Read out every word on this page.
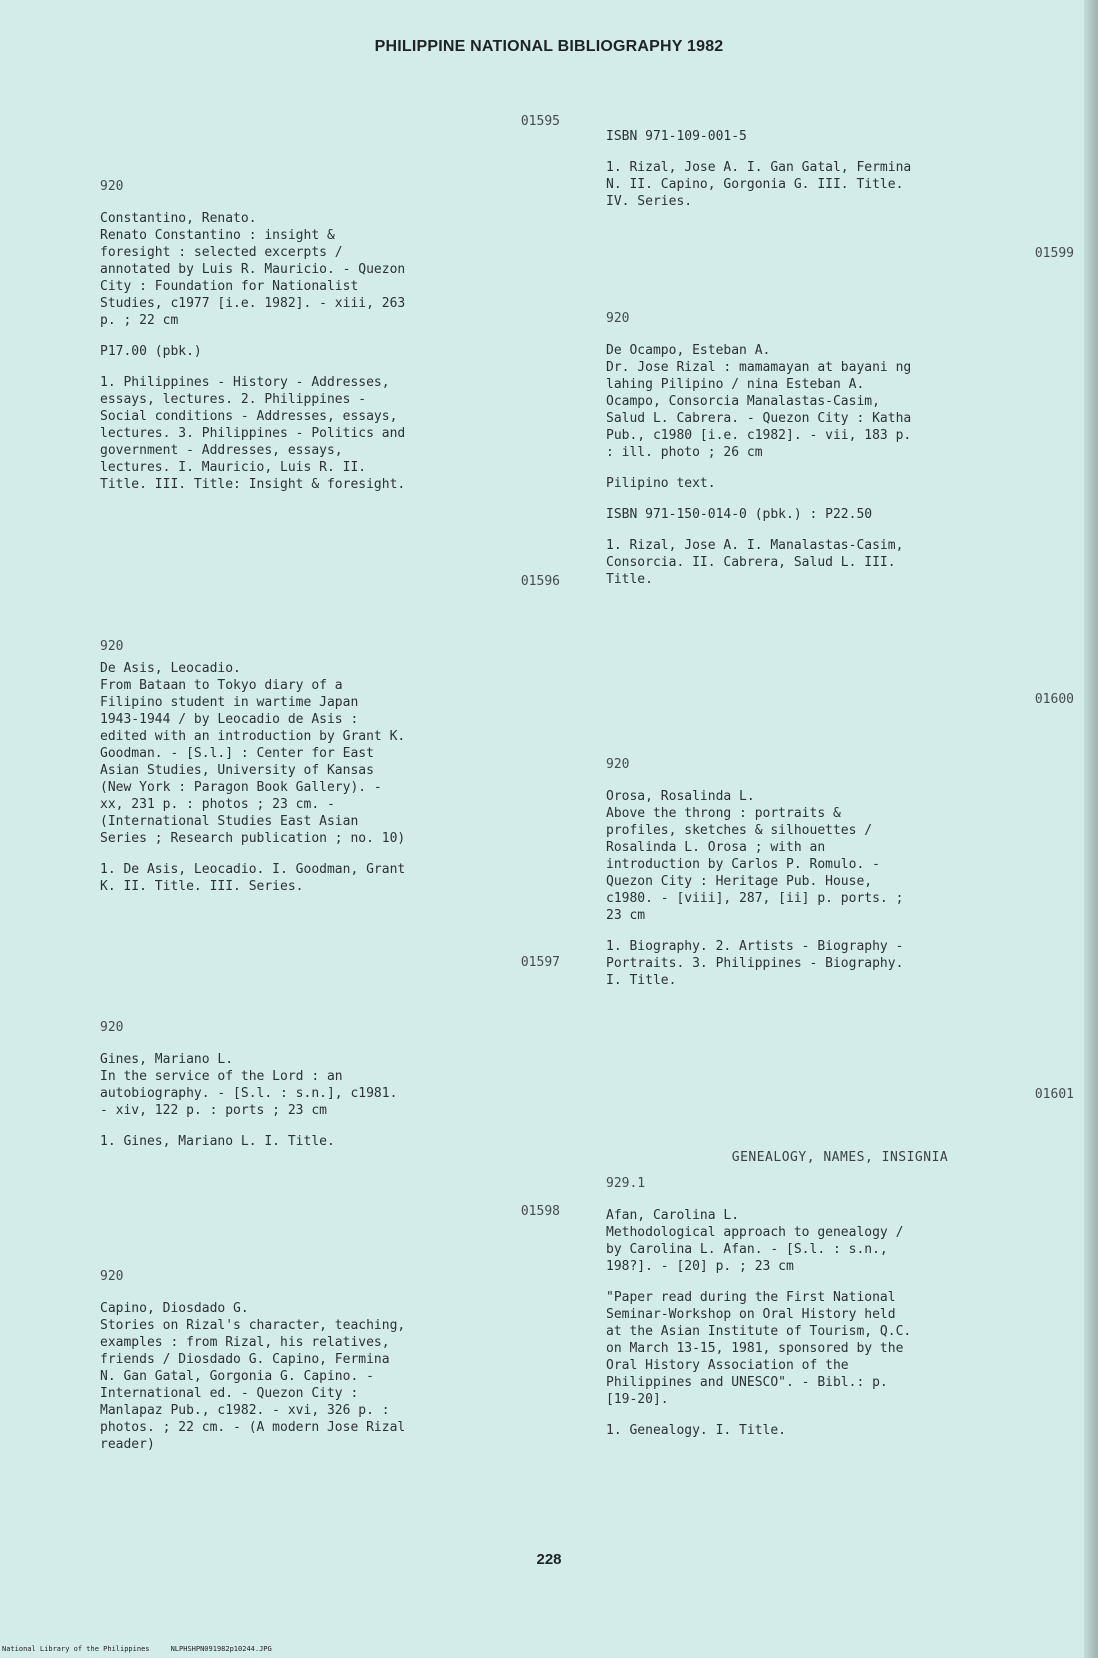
PHILIPPINE NATIONAL BIBLIOGRAPHY 1982

01595

920

Constantino, Renato.
Renato Constantino : insight &
foresight : selected excerpts /
annotated by Luis R. Mauricio. - Quezon
City : Foundation for Nationalist
Studies, c1977 [i.e. 1982]. - xiii, 263
p. ; 22 cm

P17.00 (pbk.)

1. Philippines - History - Addresses,
essays, lectures. 2. Philippines -
Social conditions - Addresses, essays,
lectures. 3. Philippines - Politics and
government - Addresses, essays,
lectures. I. Mauricio, Luis R. II.
Title. III. Title: Insight & foresight.

01596

920

De Asis, Leocadio.
From Bataan to Tokyo diary of a
Filipino student in wartime Japan
1943-1944 / by Leocadio de Asis :
edited with an introduction by Grant K.
Goodman. - [S.l.] : Center for East
Asian Studies, University of Kansas
(New York : Paragon Book Gallery). -
xx, 231 p. : photos ; 23 cm. -
(International Studies East Asian
Series ; Research publication ; no. 10)

1. De Asis, Leocadio. I. Goodman, Grant
K. II. Title. III. Series.

01597

920

Gines, Mariano L.
In the service of the Lord : an
autobiography. - [S.l. : s.n.], c1981.
- xiv, 122 p. : ports ; 23 cm

1. Gines, Mariano L. I. Title.

01598

920

Capino, Diosdado G.
Stories on Rizal's character, teaching,
examples : from Rizal, his relatives,
friends / Diosdado G. Capino, Fermina
N. Gan Gatal, Gorgonia G. Capino. -
International ed. - Quezon City :
Manlapaz Pub., c1982. - xvi, 326 p. :
photos. ; 22 cm. - (A modern Jose Rizal
reader)

ISBN 971-109-001-5

1. Rizal, Jose A. I. Gan Gatal, Fermina
N. II. Capino, Gorgonia G. III. Title.
IV. Series.

01599

920

De Ocampo, Esteban A.
Dr. Jose Rizal : mamamayan at bayani ng
lahing Pilipino / nina Esteban A.
Ocampo, Consorcia Manalastas-Casim,
Salud L. Cabrera. - Quezon City : Katha
Pub., c1980 [i.e. c1982]. - vii, 183 p.
: ill. photo ; 26 cm

Pilipino text.

ISBN 971-150-014-0 (pbk.) : P22.50

1. Rizal, Jose A. I. Manalastas-Casim,
Consorcia. II. Cabrera, Salud L. III.
Title.

01600

920

Orosa, Rosalinda L.
Above the throng : portraits &
profiles, sketches & silhouettes /
Rosalinda L. Orosa ; with an
introduction by Carlos P. Romulo. -
Quezon City : Heritage Pub. House,
c1980. - [viii], 287, [ii] p. ports. ;
23 cm

1. Biography. 2. Artists - Biography -
Portraits. 3. Philippines - Biography.
I. Title.

01601

GENEALOGY, NAMES, INSIGNIA

929.1

Afan, Carolina L.
Methodological approach to genealogy /
by Carolina L. Afan. - [S.l. : s.n.,
198?]. - [20] p. ; 23 cm

"Paper read during the First National
Seminar-Workshop on Oral History held
at the Asian Institute of Tourism, Q.C.
on March 13-15, 1981, sponsored by the
Oral History Association of the
Philippines and UNESCO". - Bibl.: p.
[19-20].

1. Genealogy. I. Title.

228
National Library of the Philippines	NLPHSHPN091982p10244.JPG
